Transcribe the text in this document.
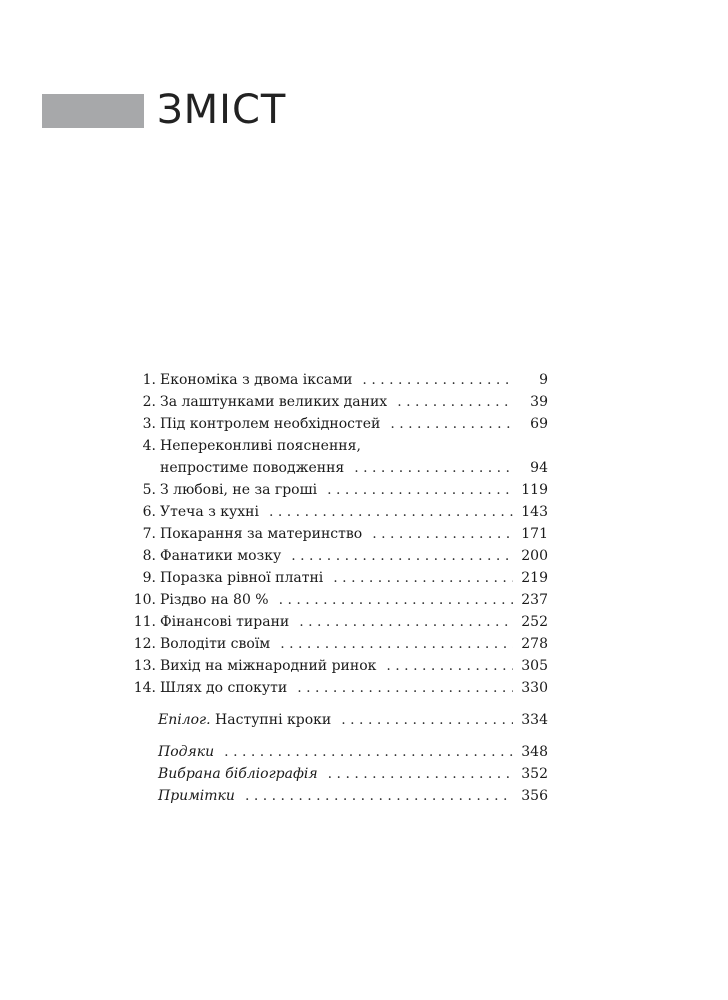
ЗМІСТ
1. Економіка з двома іксами . . .	9
2. За лаштунками великих даних . . .	39
3. Під контролем необхідностей . . .	69
4. Непереконливі пояснення,
непростиме поводження . . .	94
5. З любові, не за гроші . . .	119
6. Утеча з кухні . . .	143
7. Покарання за материнство . . .	171
8. Фанатики мозку . . .	200
9. Поразка рівної платні . . .	219
10. Різдво на 80 % . . .	237
11. Фінансові тирани . . .	252
12. Володіти своїм . . .	278
13. Вихід на міжнародний ринок . . .	305
14. Шлях до спокути . . .	330
Епілог. Наступні кроки . . .	334
Подяки . . .	348
Вибрана бібліографія . . .	352
Примітки . . .	356
